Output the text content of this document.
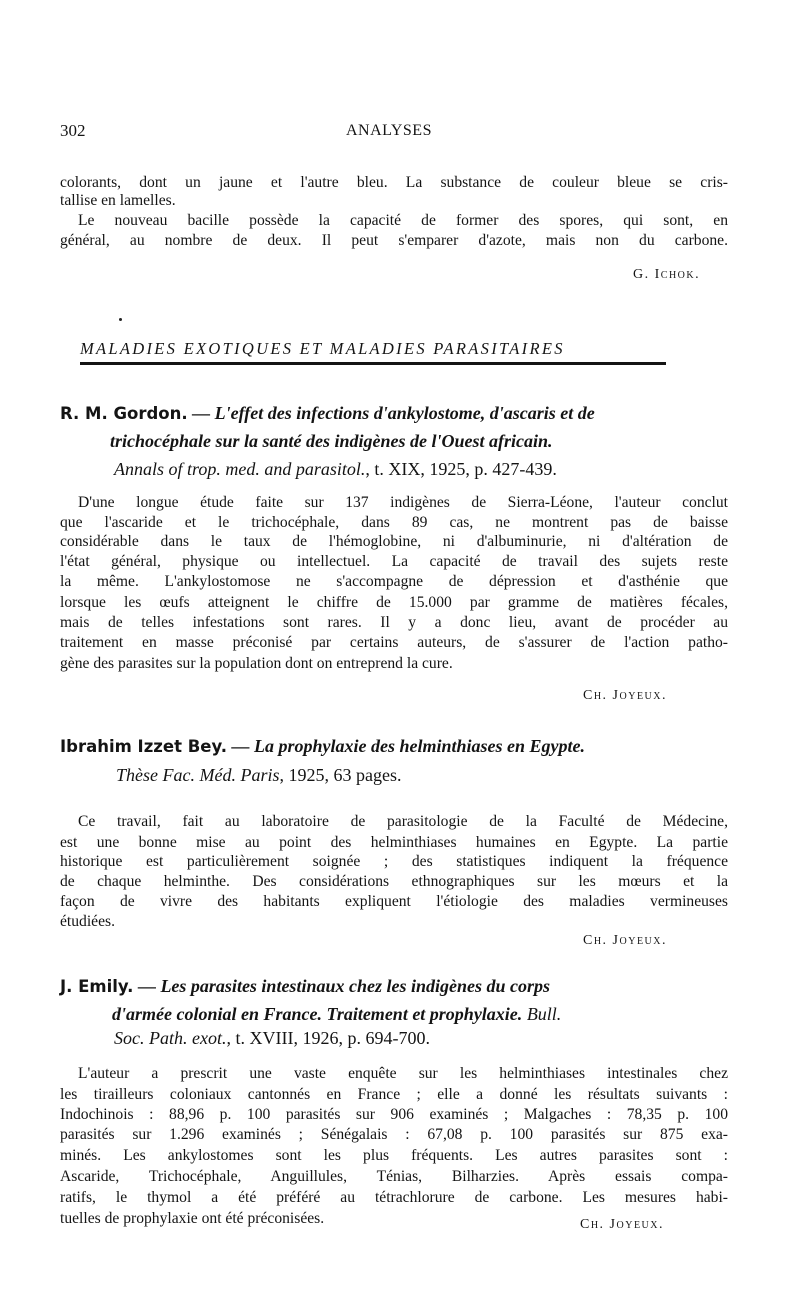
302	ANALYSES
colorants, dont un jaune et l'autre bleu. La substance de couleur bleue se cris-
tallise en lamelles.
Le nouveau bacille possède la capacité de former des spores, qui sont, en
général, au nombre de deux. Il peut s'emparer d'azote, mais non du carbone.
G. Ichok.
MALADIES EXOTIQUES ET MALADIES PARASITAIRES
R. M. Gordon. — L'effet des infections d'ankylostome, d'ascaris et de
trichocéphale sur la santé des indigènes de l'Ouest africain.
Annals of trop. med. and parasitol., t. XIX, 1925, p. 427-439.
D'une longue étude faite sur 137 indigènes de Sierra-Léone, l'auteur conclut
que l'ascaride et le trichocéphale, dans 89 cas, ne montrent pas de baisse
considérable dans le taux de l'hémoglobine, ni d'albuminurie, ni d'altération de
l'état général, physique ou intellectuel. La capacité de travail des sujets reste
la même. L'ankylostomose ne s'accompagne de dépression et d'asthénie que
lorsque les œufs atteignent le chiffre de 15.000 par gramme de matières fécales,
mais de telles infestations sont rares. Il y a donc lieu, avant de procéder au
traitement en masse préconisé par certains auteurs, de s'assurer de l'action patho-
gène des parasites sur la population dont on entreprend la cure.
Ch. Joyeux.
Ibrahim Izzet Bey. — La prophylaxie des helminthiases en Egypte.
Thèse Fac. Méd. Paris, 1925, 63 pages.
Ce travail, fait au laboratoire de parasitologie de la Faculté de Médecine,
est une bonne mise au point des helminthiases humaines en Egypte. La partie
historique est particulièrement soignée ; des statistiques indiquent la fréquence
de chaque helminthe. Des considérations ethnographiques sur les mœurs et la
façon de vivre des habitants expliquent l'étiologie des maladies vermineuses
étudiées.
Ch. Joyeux.
J. Emily. — Les parasites intestinaux chez les indigènes du corps
d'armée colonial en France. Traitement et prophylaxie. Bull.
Soc. Path. exot., t. XVIII, 1926, p. 694-700.
L'auteur a prescrit une vaste enquête sur les helminthiases intestinales chez
les tirailleurs coloniaux cantonnés en France ; elle a donné les résultats suivants :
Indochinois : 88,96 p. 100 parasités sur 906 examinés ; Malgaches : 78,35 p. 100
parasités sur 1.296 examinés ; Sénégalais : 67,08 p. 100 parasités sur 875 exa-
minés. Les ankylostomes sont les plus fréquents. Les autres parasites sont :
Ascaride, Trichocéphale, Anguillules, Ténias, Bilharzies. Après essais compa-
ratifs, le thymol a été préféré au tétrachlorure de carbone. Les mesures habi-
tuelles de prophylaxie ont été préconisées.	Ch. Joyeux.
